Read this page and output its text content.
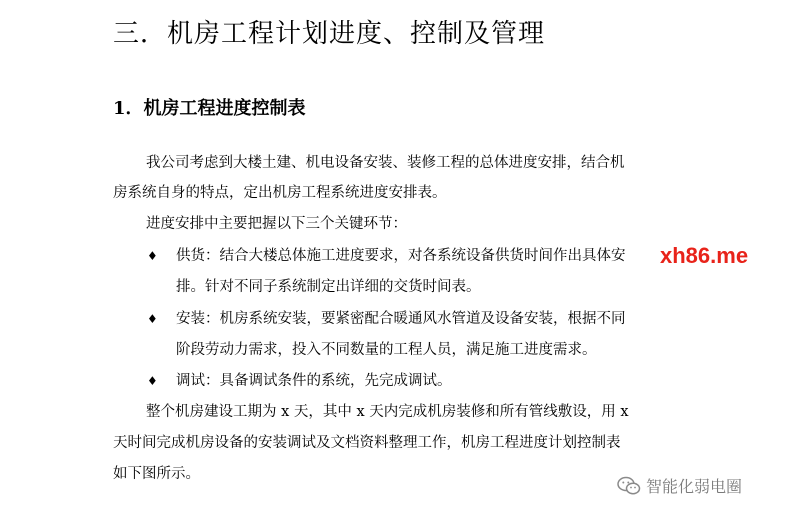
三．机房工程计划进度、控制及管理
1．机房工程进度控制表
我公司考虑到大楼土建、机电设备安装、装修工程的总体进度安排，结合机
房系统自身的特点，定出机房工程系统进度安排表。
进度安排中主要把握以下三个关键环节：
♦ 供货：结合大楼总体施工进度要求，对各系统设备供货时间作出具体安
排。针对不同子系统制定出详细的交货时间表。
♦ 安装：机房系统安装，要紧密配合暖通风水管道及设备安装，根据不同
阶段劳动力需求，投入不同数量的工程人员，满足施工进度需求。
♦ 调试：具备调试条件的系统，先完成调试。
整个机房建设工期为 x 天，其中 x 天内完成机房装修和所有管线敷设，用 x
天时间完成机房设备的安装调试及文档资料整理工作，机房工程进度计划控制表
如下图所示。
xh86.me
智能化弱电圈
